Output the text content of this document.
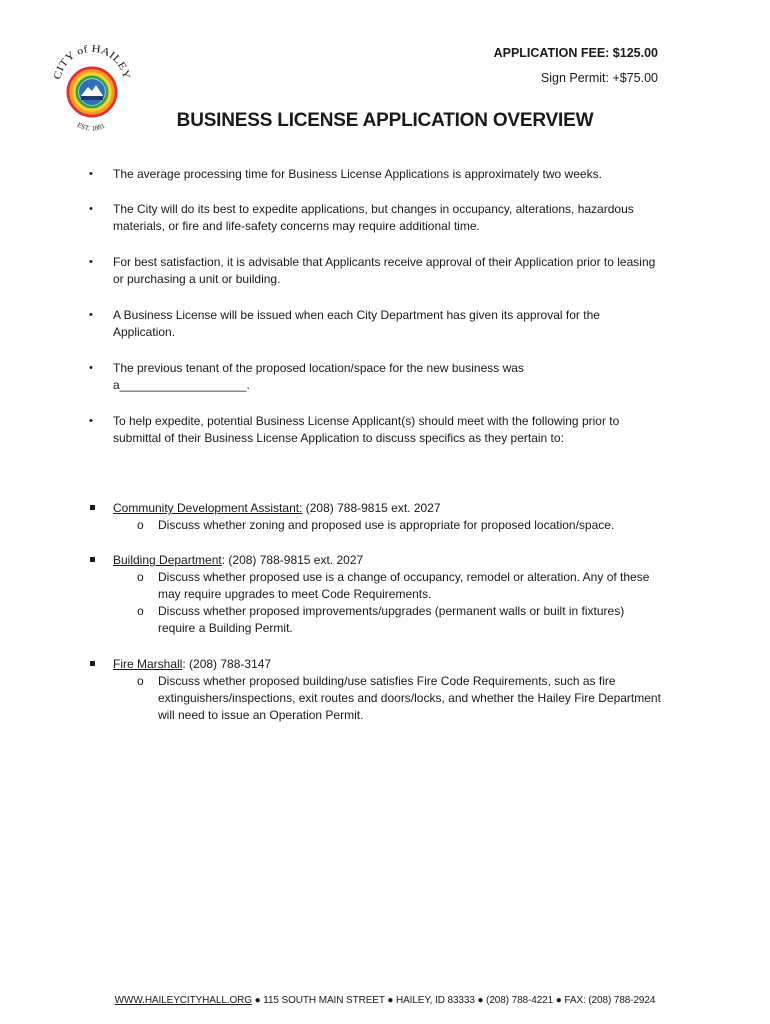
CITY of HAILEY
EST. 1881
APPLICATION FEE: $125.00
Sign Permit: +$75.00
BUSINESS LICENSE APPLICATION OVERVIEW
• The average processing time for Business License Applications is approximately two weeks.
• The City will do its best to expedite applications, but changes in occupancy, alterations, hazardous materials, or fire and life-safety concerns may require additional time.
• For best satisfaction, it is advisable that Applicants receive approval of their Application prior to leasing or purchasing a unit or building.
• A Business License will be issued when each City Department has given its approval for the Application.
• The previous tenant of the proposed location/space for the new business was a___________________.
• To help expedite, potential Business License Applicant(s) should meet with the following prior to submittal of their Business License Application to discuss specifics as they pertain to:
Community Development Assistant: (208) 788-9815 ext. 2027
o Discuss whether zoning and proposed use is appropriate for proposed location/space.
Building Department: (208) 788-9815 ext. 2027
o Discuss whether proposed use is a change of occupancy, remodel or alteration. Any of these may require upgrades to meet Code Requirements.
o Discuss whether proposed improvements/upgrades (permanent walls or built in fixtures) require a Building Permit.
Fire Marshall: (208) 788-3147
o Discuss whether proposed building/use satisfies Fire Code Requirements, such as fire extinguishers/inspections, exit routes and doors/locks, and whether the Hailey Fire Department will need to issue an Operation Permit.
WWW.HAILEYCITYHALL.ORG ● 115 SOUTH MAIN STREET ● HAILEY, ID 83333 ● (208) 788-4221 ● FAX: (208) 788-2924
